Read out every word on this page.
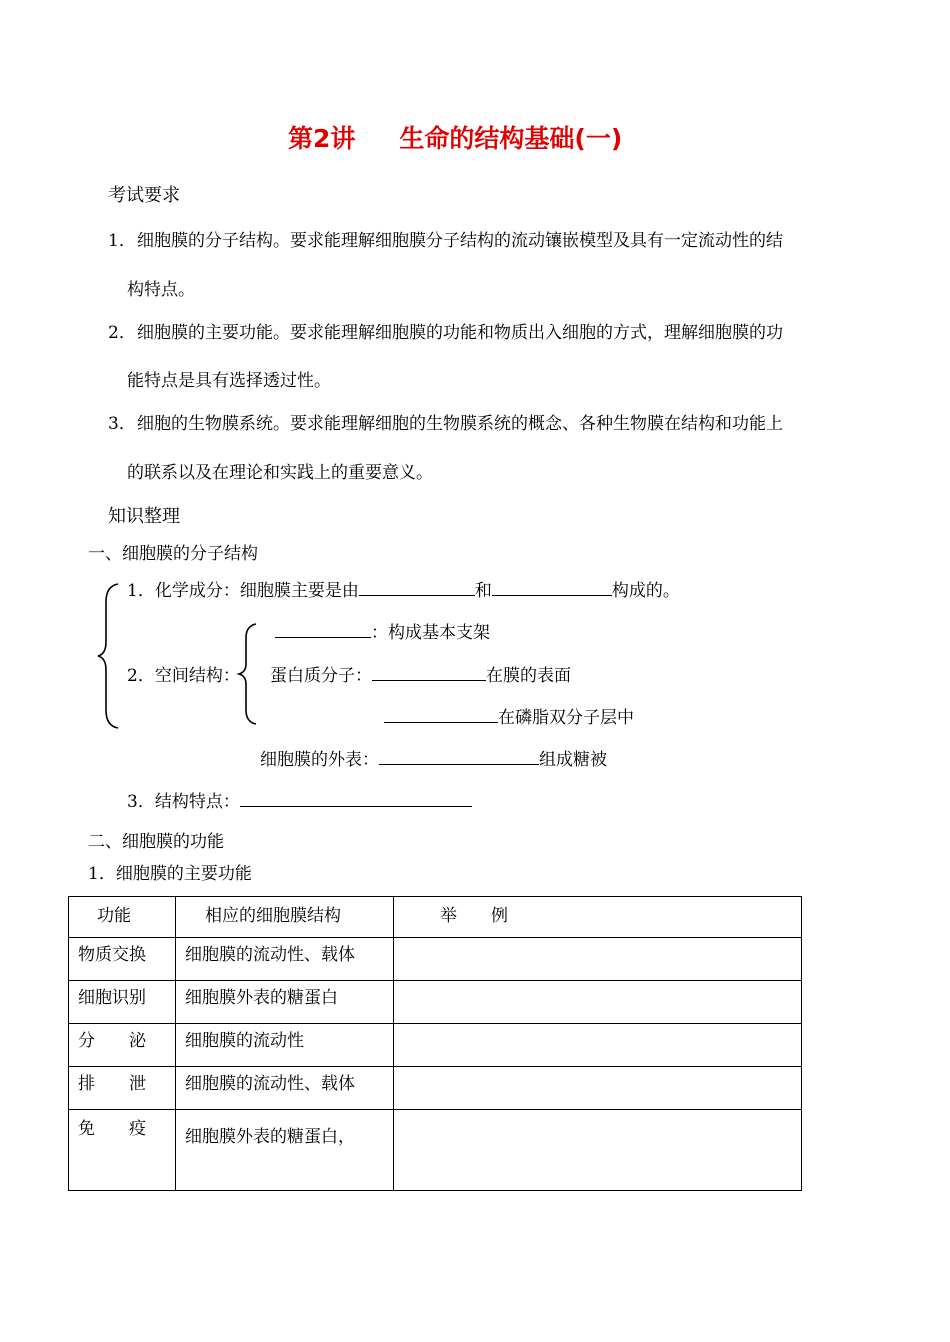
第2讲 生命的结构基础(一)
考试要求
1． 细胞膜的分子结构。要求能理解细胞膜分子结构的流动镶嵌模型及具有一定流动性的结
构特点。
2． 细胞膜的主要功能。要求能理解细胞膜的功能和物质出入细胞的方式，理解细胞膜的功
能特点是具有选择透过性。
3． 细胞的生物膜系统。要求能理解细胞的生物膜系统的概念、各种生物膜在结构和功能上
的联系以及在理论和实践上的重要意义。
知识整理
一、细胞膜的分子结构
1．化学成分：细胞膜主要是由	和	构成的。
2．空间结构：
：构成基本支架
蛋白质分子：	在膜的表面
在磷脂双分子层中
细胞膜的外表：	组成糖被
3．结构特点：
二、细胞膜的功能
1．细胞膜的主要功能
功能	相应的细胞膜结构	举　　例
物质交换	细胞膜的流动性、载体	
细胞识别	细胞膜外表的糖蛋白	
分　　泌	细胞膜的流动性	
排　　泄	细胞膜的流动性、载体	
免　　疫	细胞膜外表的糖蛋白，	
